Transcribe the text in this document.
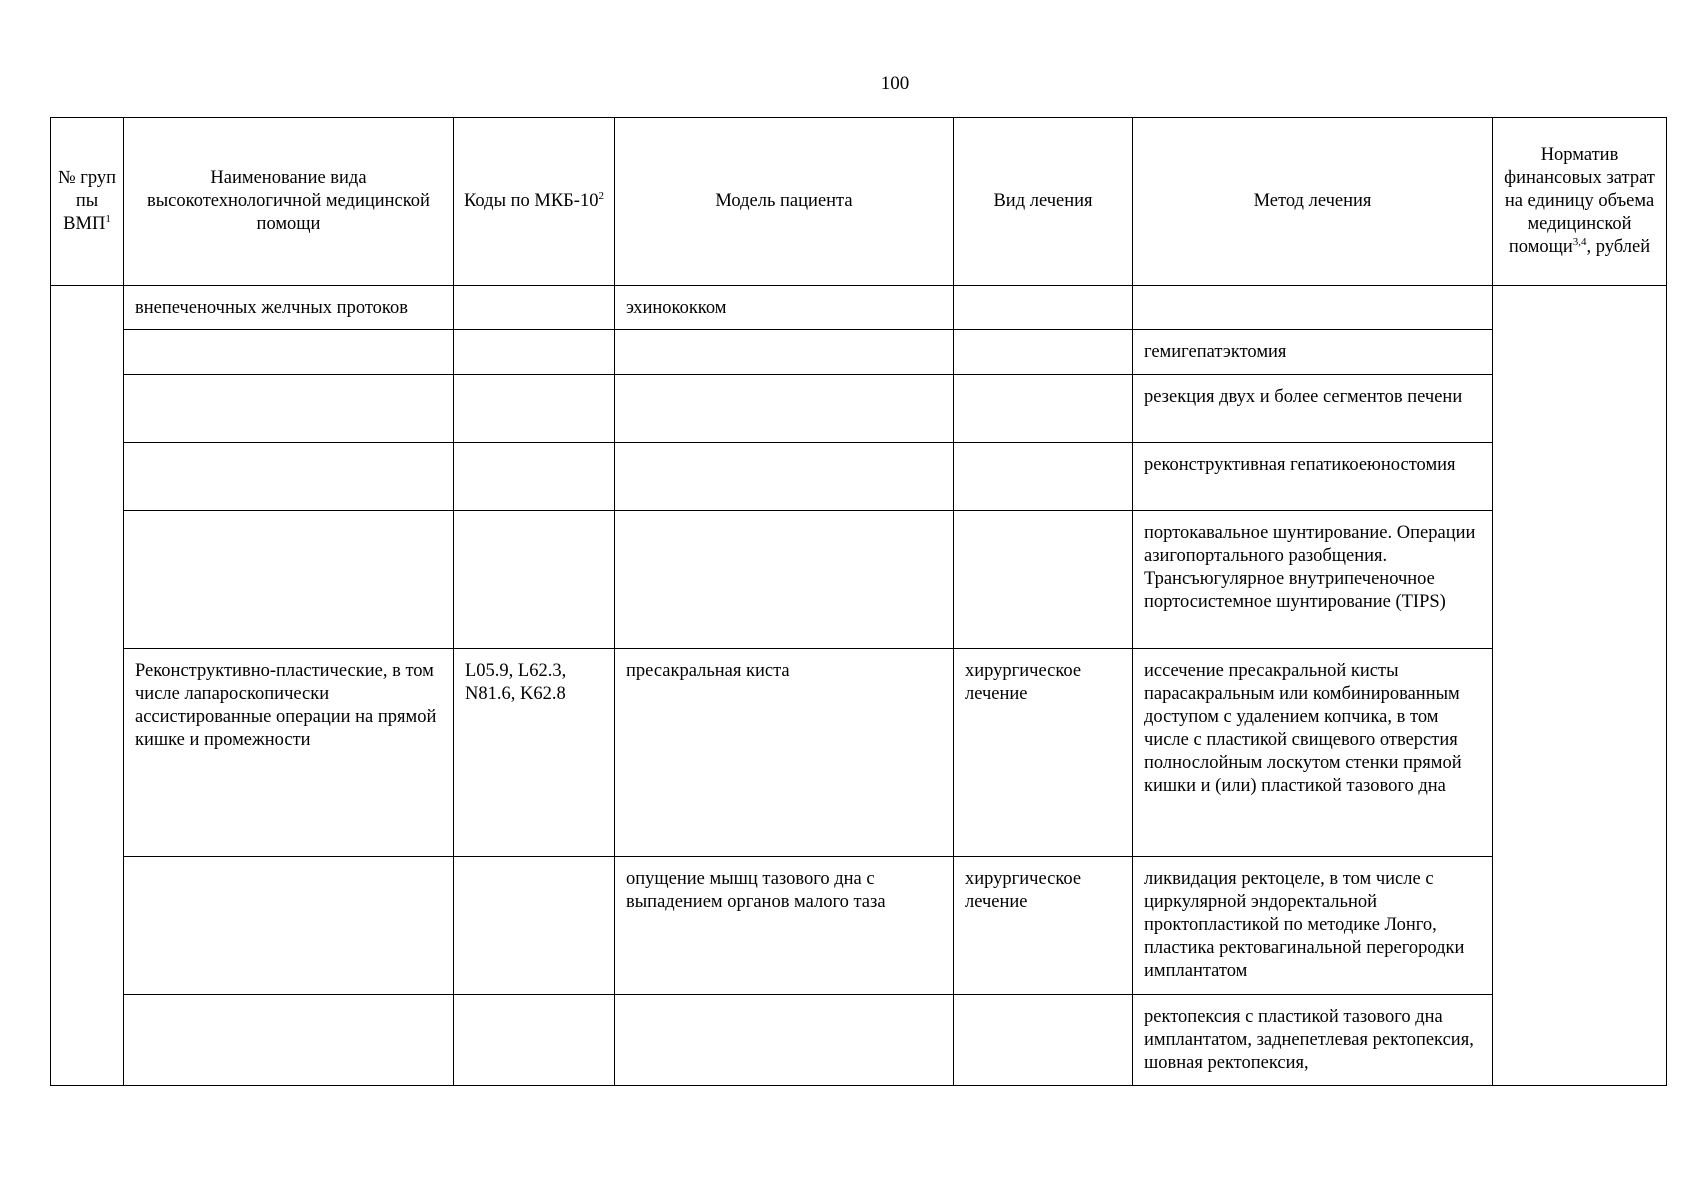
100
№ груп пы ВМП$^1$	Наименование вида высокотехнологичной медицинской помощи	Коды по МКБ-$10^2$	Модель пациента	Вид лечения	Метод лечения	Норматив финансовых затрат на единицу объема медицинской помощи$^{3,4}$, рублей
	внепеченочных желчных протоков		эхинококком			
					гемигепатэктомия	
					резекция двух и более сегментов печени	
					реконструктивная гепатикоеюностомия	
					портокавальное шунтирование. Операции азигопортального разобщения. Трансъюгулярное внутрипеченочное портосистемное шунтирование (TIPS)	
	Реконструктивно-пластические, в том числе лапароскопически ассистированные операции на прямой кишке и промежности	L05.9, L62.3, N81.6, K62.8	пресакральная киста	хирургическое лечение	иссечение пресакральной кисты парасакральным или комбинированным доступом с удалением копчика, в том числе с пластикой свищевого отверстия полнослойным лоскутом стенки прямой кишки и (или) пластикой тазового дна	
			опущение мышц тазового дна с выпадением органов малого таза	хирургическое лечение	ликвидация ректоцеле, в том числе с циркулярной эндоректальной проктопластикой по методике Лонго, пластика ректовагинальной перегородки имплантатом	
					ректопексия с пластикой тазового дна имплантатом, заднепетлевая ректопексия, шовная ректопексия,	
